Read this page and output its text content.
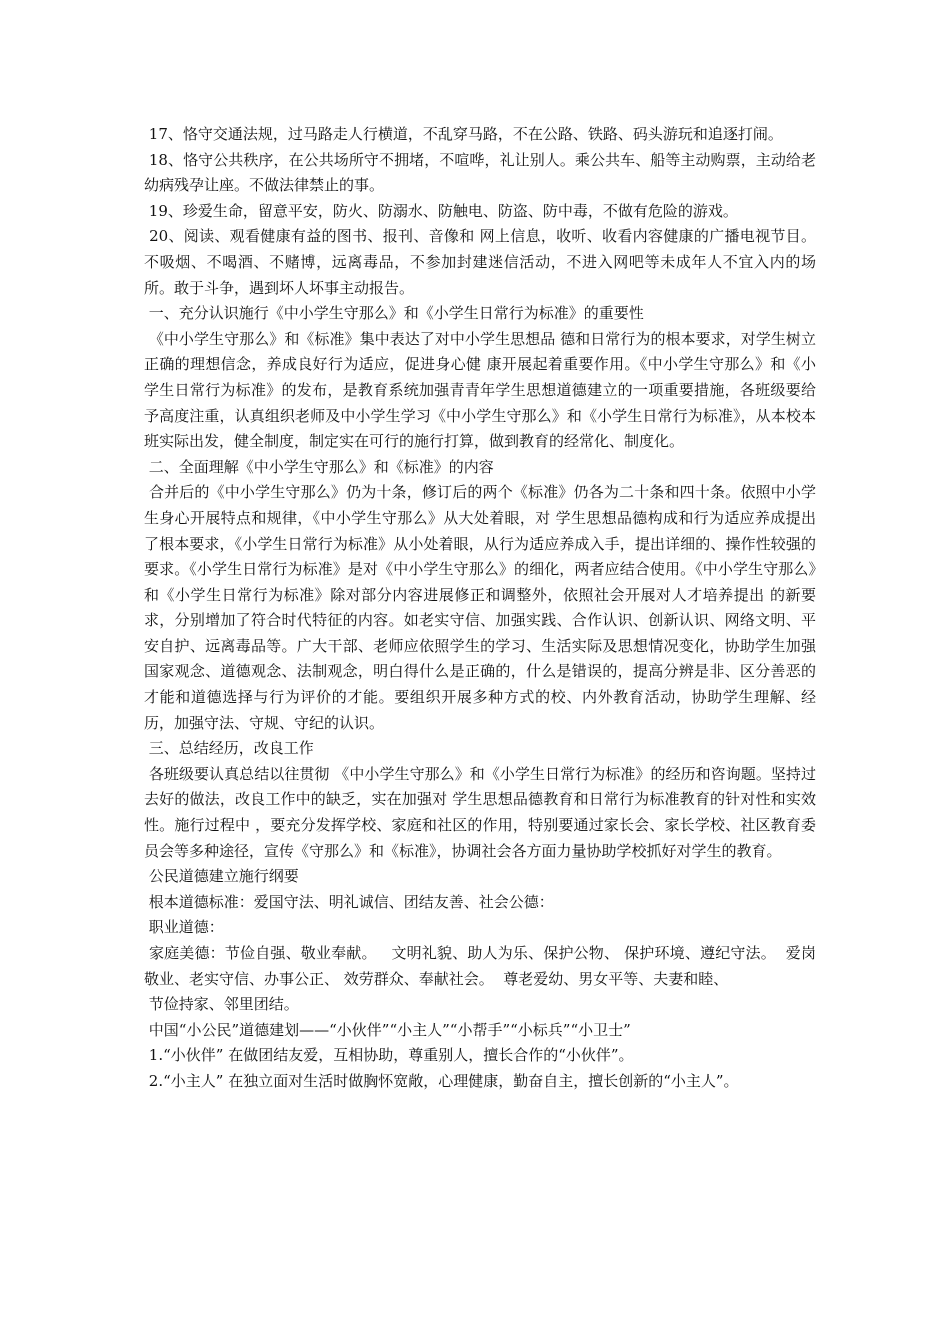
17、恪守交通法规，过马路走人行横道，不乱穿马路，不在公路、铁路、码头游玩和追逐打闹。

18、恪守公共秩序，在公共场所守不拥堵，不喧哗，礼让别人。乘公共车、船等主动购票，主动给老幼病残孕让座。不做法律禁止的事。

19、珍爱生命，留意平安，防火、防溺水、防触电、防盗、防中毒，不做有危险的游戏。

20、阅读、观看健康有益的图书、报刊、音像和 网上信息，收听、收看内容健康的广播电视节目。不吸烟、不喝酒、不赌博，远离毒品，不参加封建迷信活动，不进入网吧等未成年人不宜入内的场所。敢于斗争，遇到坏人坏事主动报告。

一、充分认识施行《中小学生守那么》和《小学生日常行为标准》的重要性

《中小学生守那么》和《标准》集中表达了对中小学生思想品 德和日常行为的根本要求，对学生树立正确的理想信念，养成良好行为适应，促进身心健 康开展起着重要作用。《中小学生守那么》和《小学生日常行为标准》的发布，是教育系统加强青青年学生思想道德建立的一项重要措施，各班级要给予高度注重，认真组织老师及中小学生学习《中小学生守那么》和《小学生日常行为标准》，从本校本班实际出发，健全制度，制定实在可行的施行打算，做到教育的经常化、制度化。

二、全面理解《中小学生守那么》和《标准》的内容

合并后的《中小学生守那么》仍为十条，修订后的两个《标准》仍各为二十条和四十条。依照中小学生身心开展特点和规律，《中小学生守那么》从大处着眼，对 学生思想品德构成和行为适应养成提出了根本要求，《小学生日常行为标准》从小处着眼，从行为适应养成入手，提出详细的、操作性较强的要求。《小学生日常行为标准》是对《中小学生守那么》的细化，两者应结合使用。《中小学生守那么》和《小学生日常行为标准》除对部分内容进展修正和调整外，依照社会开展对人才培养提出 的新要求，分别增加了符合时代特征的内容。如老实守信、加强实践、合作认识、创新认识、网络文明、平安自护、远离毒品等。广大干部、老师应依照学生的学习、生活实际及思想情况变化，协助学生加强国家观念、道德观念、法制观念，明白得什么是正确的，什么是错误的，提高分辨是非、区分善恶的才能和道德选择与行为评价的才能。要组织开展多种方式的校、内外教育活动，协助学生理解、经历，加强守法、守规、守纪的认识。

三、总结经历，改良工作

各班级要认真总结以往贯彻 《中小学生守那么》和《小学生日常行为标准》的经历和咨询题。坚持过去好的做法，改良工作中的缺乏，实在加强对 学生思想品德教育和日常行为标准教育的针对性和实效性。施行过程中 ，要充分发挥学校、家庭和社区的作用，特别要通过家长会、家长学校、社区教育委员会等多种途径，宣传《守那么》和《标准》，协调社会各方面力量协助学校抓好对学生的教育。

公民道德建立施行纲要

根本道德标准：爱国守法、明礼诚信、团结友善、社会公德：

职业道德：

家庭美德：节俭自强、敬业奉献。   文明礼貌、助人为乐、保护公物、 保护环境、遵纪守法。  爱岗敬业、老实守信、办事公正、 效劳群众、奉献社会。  尊老爱幼、男女平等、夫妻和睦、

节俭持家、邻里团结。

中国“小公民”道德建划——“小伙伴”“小主人”“小帮手”“小标兵”“小卫士”

1.“小伙伴” 在做团结友爱，互相协助，尊重别人，擅长合作的“小伙伴”。

2.“小主人” 在独立面对生活时做胸怀宽敞，心理健康，勤奋自主，擅长创新的“小主人”。
